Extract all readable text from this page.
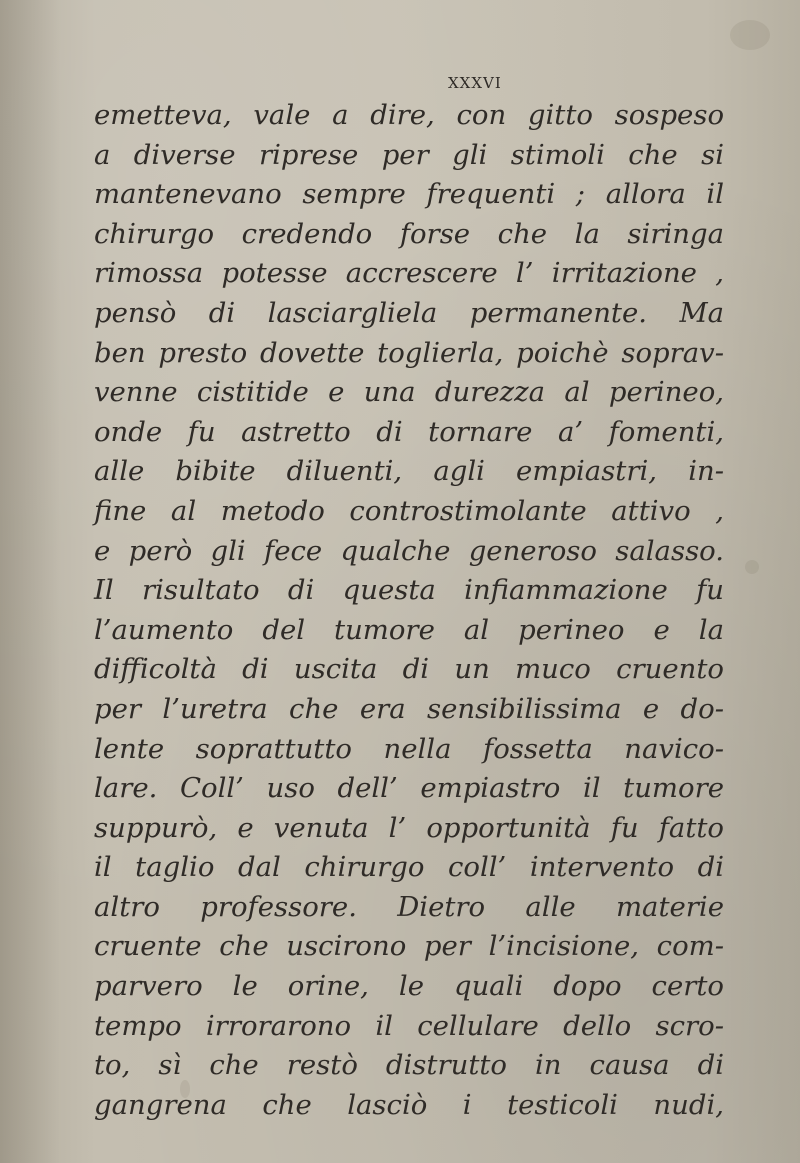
XXXVI
emetteva, vale a dire, con gitto sospeso
a diverse riprese per gli stimoli che si
mantenevano sempre frequenti ; allora il
chirurgo credendo forse che la siringa
rimossa potesse accrescere l’ irritazione ,
pensò di lasciargliela permanente. Ma
ben presto dovette toglierla, poichè soprav-
venne cistitide e una durezza al perineo,
onde fu astretto di tornare a’ fomenti,
alle bibite diluenti, agli empiastri, in-
fine al metodo controstimolante attivo ,
e però gli fece qualche generoso salasso.
Il risultato di questa infiammazione fu
l’aumento del tumore al perineo e la
difficoltà di uscita di un muco cruento
per l’uretra che era sensibilissima e do-
lente soprattutto nella fossetta navico-
lare. Coll’ uso dell’ empiastro il tumore
suppurò, e venuta l’ opportunità fu fatto
il taglio dal chirurgo coll’ intervento di
altro professore. Dietro alle materie
cruente che uscirono per l’incisione, com-
parvero le orine, le quali dopo certo
tempo irrorarono il cellulare dello scro-
to, sì che restò distrutto in causa di
gangrena che lasciò i testicoli nudi,
